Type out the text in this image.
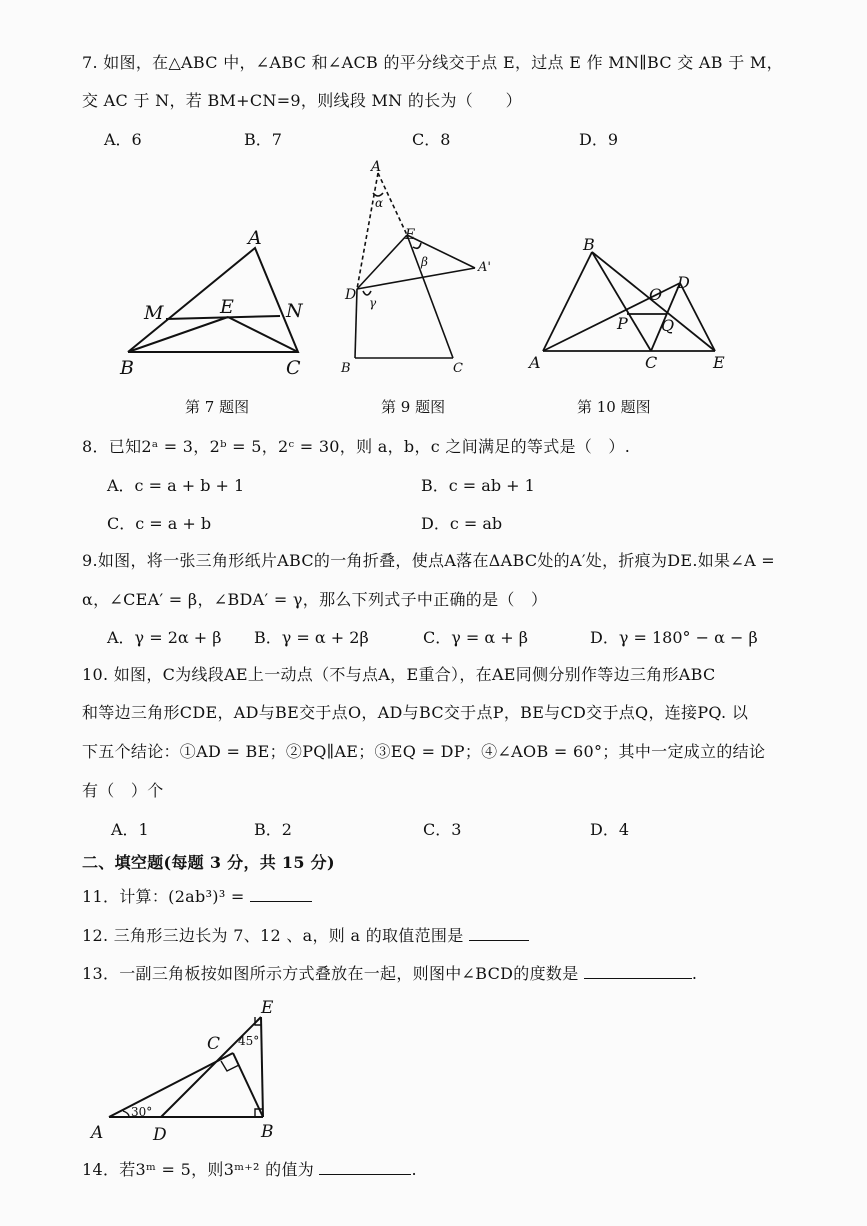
7. 如图，在△ABC 中，∠ABC 和∠ACB 的平分线交于点 E，过点 E 作 MN∥BC 交 AB 于 M，
交 AC 于 N，若 BM+CN=9，则线段 MN 的长为（　　）
A．6	B．7	C．8	D．9
A
M	E	N
B	C
第 7 题图
A
α
E
β	A'
D γ
B	C
第 9 题图
B
O
D
P Q
A	C	E
第 10 题图
8．已知2ᵃ = 3，2ᵇ = 5，2ᶜ = 30，则 a，b，c 之间满足的等式是（　）.
A．c = a + b + 1	B．c = ab + 1
C．c = a + b	D．c = ab
9.如图，将一张三角形纸片ABC的一角折叠，使点A落在ΔABC处的A′处，折痕为DE.如果∠A =
α，∠CEA′ = β，∠BDA′ = γ，那么下列式子中正确的是（　）
A．γ = 2α + β B．γ = α + 2β	C．γ = α + β	D．γ = 180° − α − β
10. 如图，C为线段AE上一动点（不与点A，E重合），在AE同侧分别作等边三角形ABC
和等边三角形CDE，AD与BE交于点O，AD与BC交于点P，BE与CD交于点Q，连接PQ. 以
下五个结论：①AD = BE；②PQ∥AE；③EQ = DP；④∠AOB = 60°；其中一定成立的结论
有（　）个
A．1	B．2	C．3	D．4
二、填空题(每题 3 分，共 15 分)
11．计算：(2ab³)³ =
12. 三角形三边长为 7、12 、a，则 a 的取值范围是
13．一副三角板按如图所示方式叠放在一起，则图中∠BCD的度数是	.
E
C 45°
30°
A	D	B
14．若3ᵐ = 5，则3ᵐ⁺² 的值为	.
